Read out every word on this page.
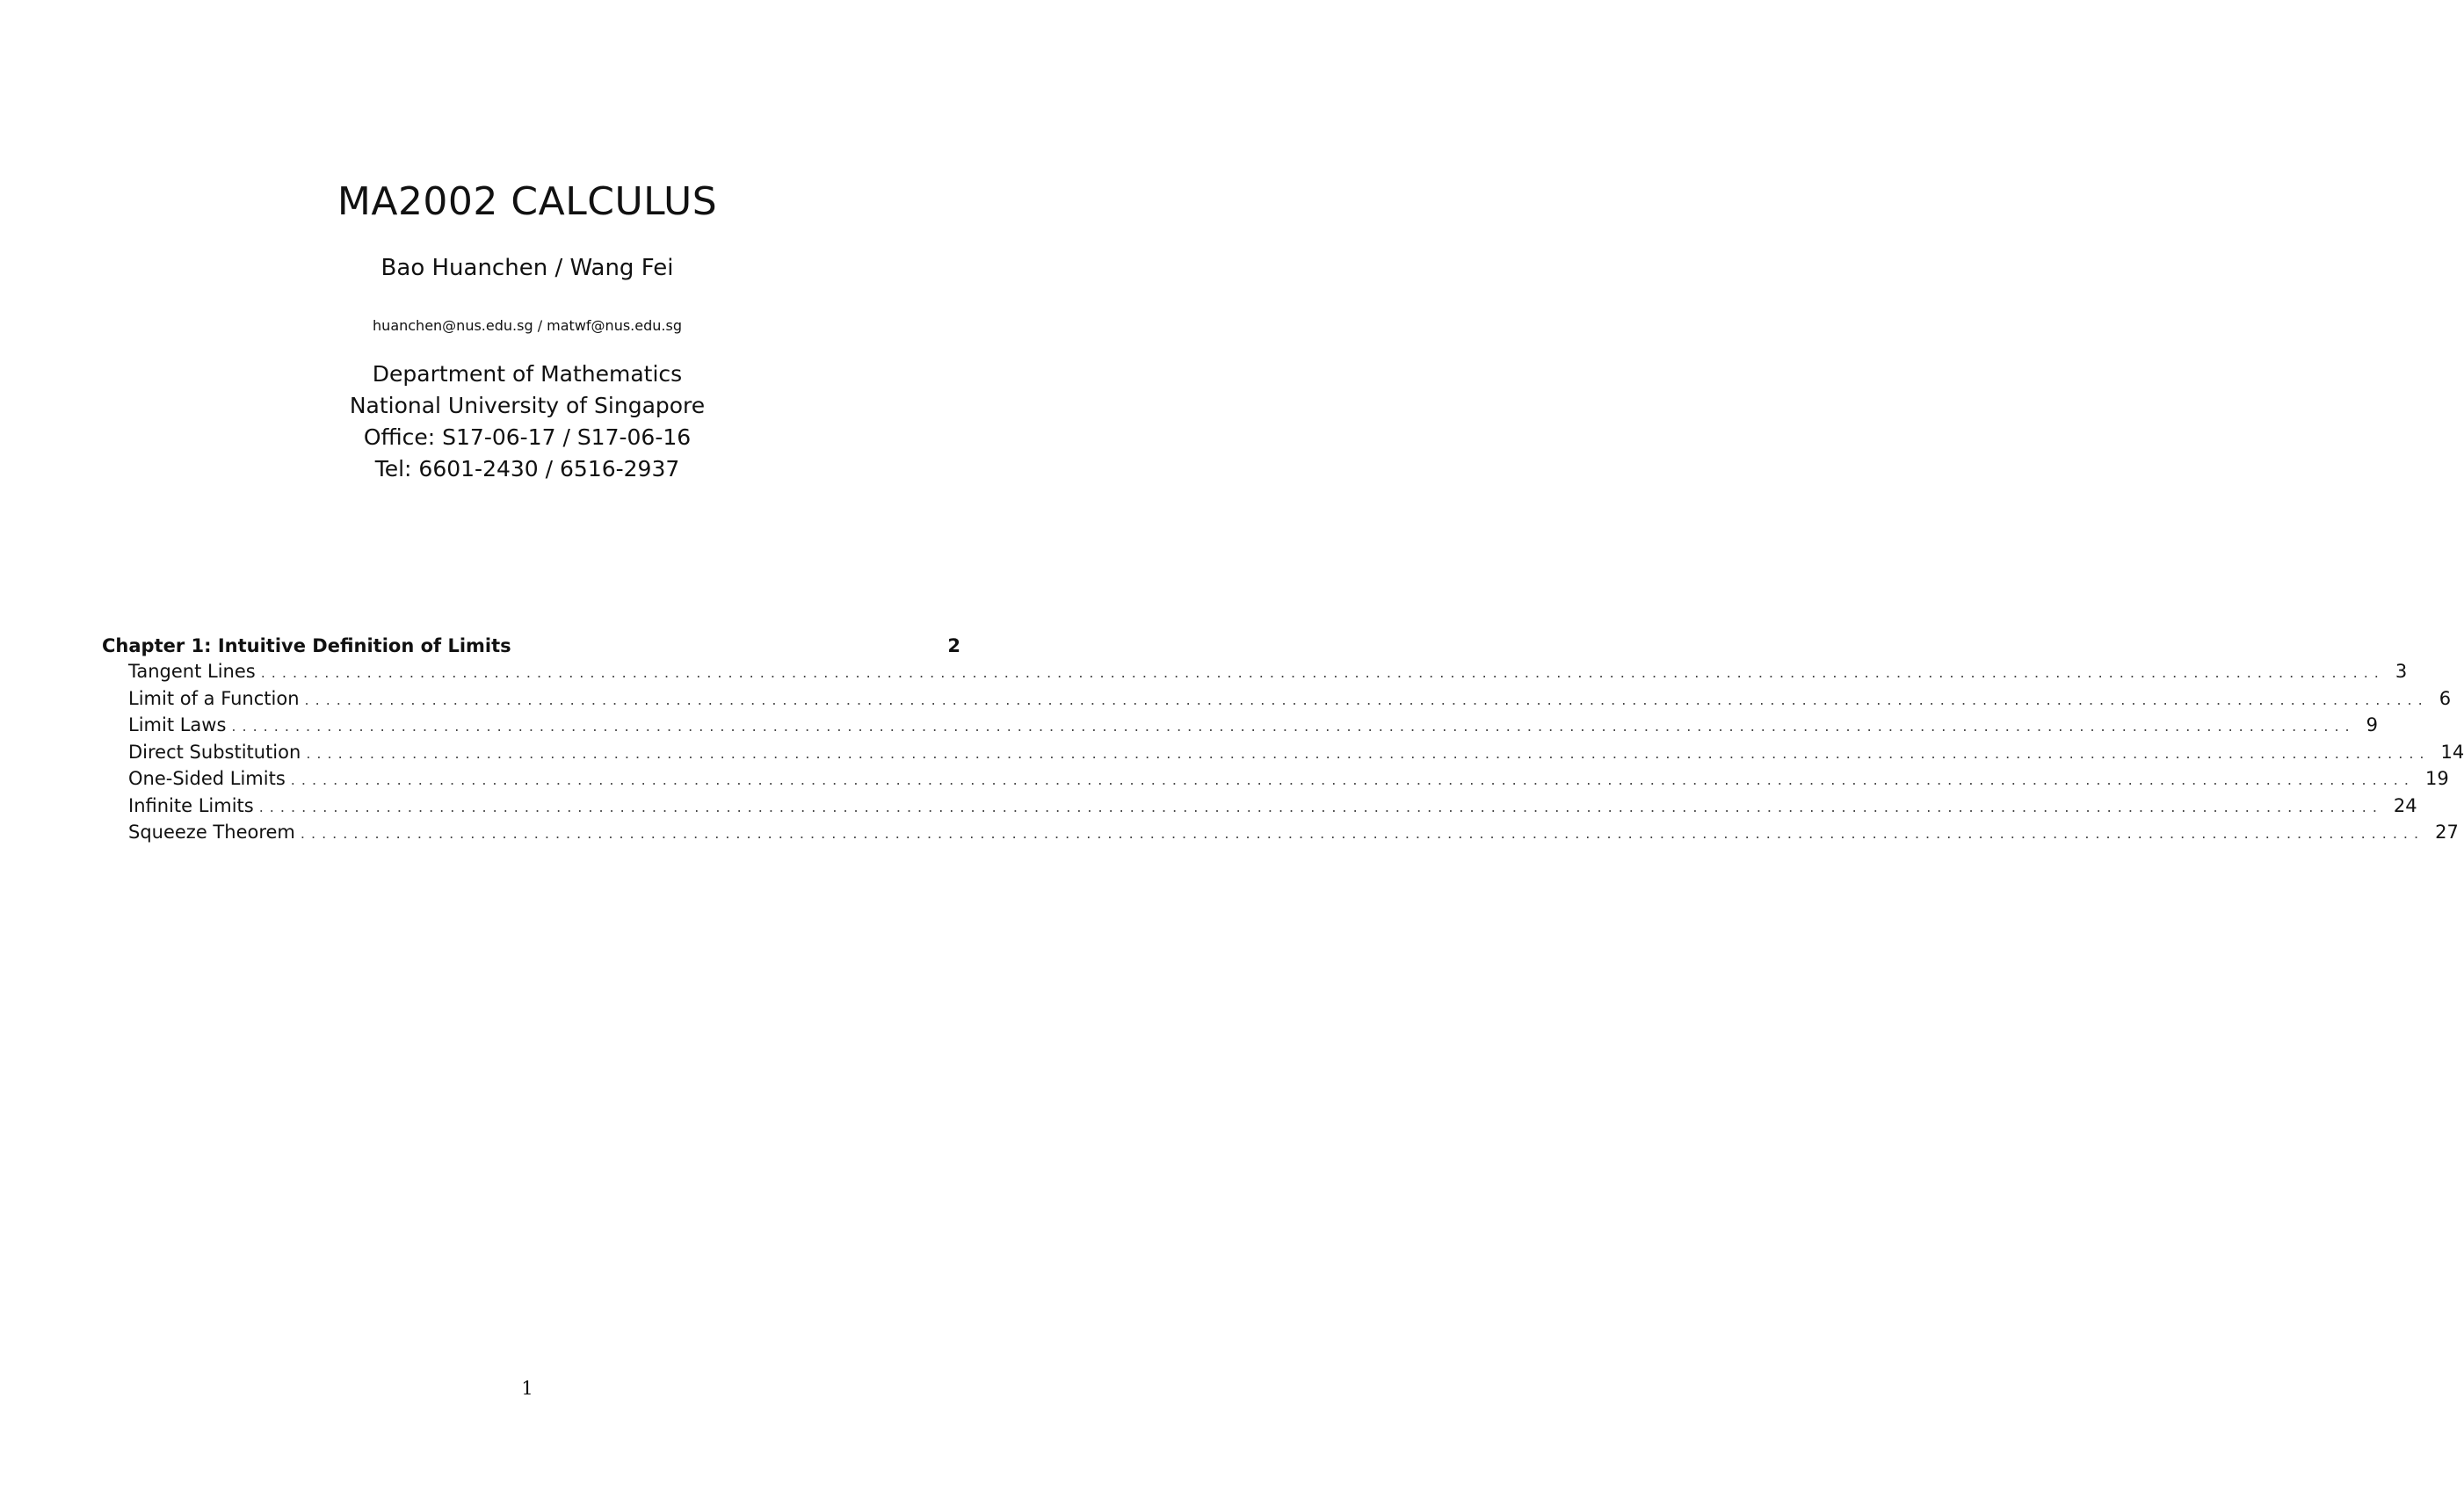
MA2002 CALCULUS
Bao Huanchen / Wang Fei
huanchen@nus.edu.sg / matwf@nus.edu.sg
Department of Mathematics
National University of Singapore
Office: S17-06-17 / S17-06-16
Tel: 6601-2430 / 6516-2937
Chapter 1: Intuitive Definition of Limits	2
Tangent Lines ........................................................................................................................................................................................................ 3
Limit of a Function ........................................................................................................................................................................................................ 6
Limit Laws ........................................................................................................................................................................................................ 9
Direct Substitution ........................................................................................................................................................................................................ 14
One-Sided Limits ........................................................................................................................................................................................................ 19
Infinite Limits ........................................................................................................................................................................................................ 24
Squeeze Theorem ........................................................................................................................................................................................................ 27
1
